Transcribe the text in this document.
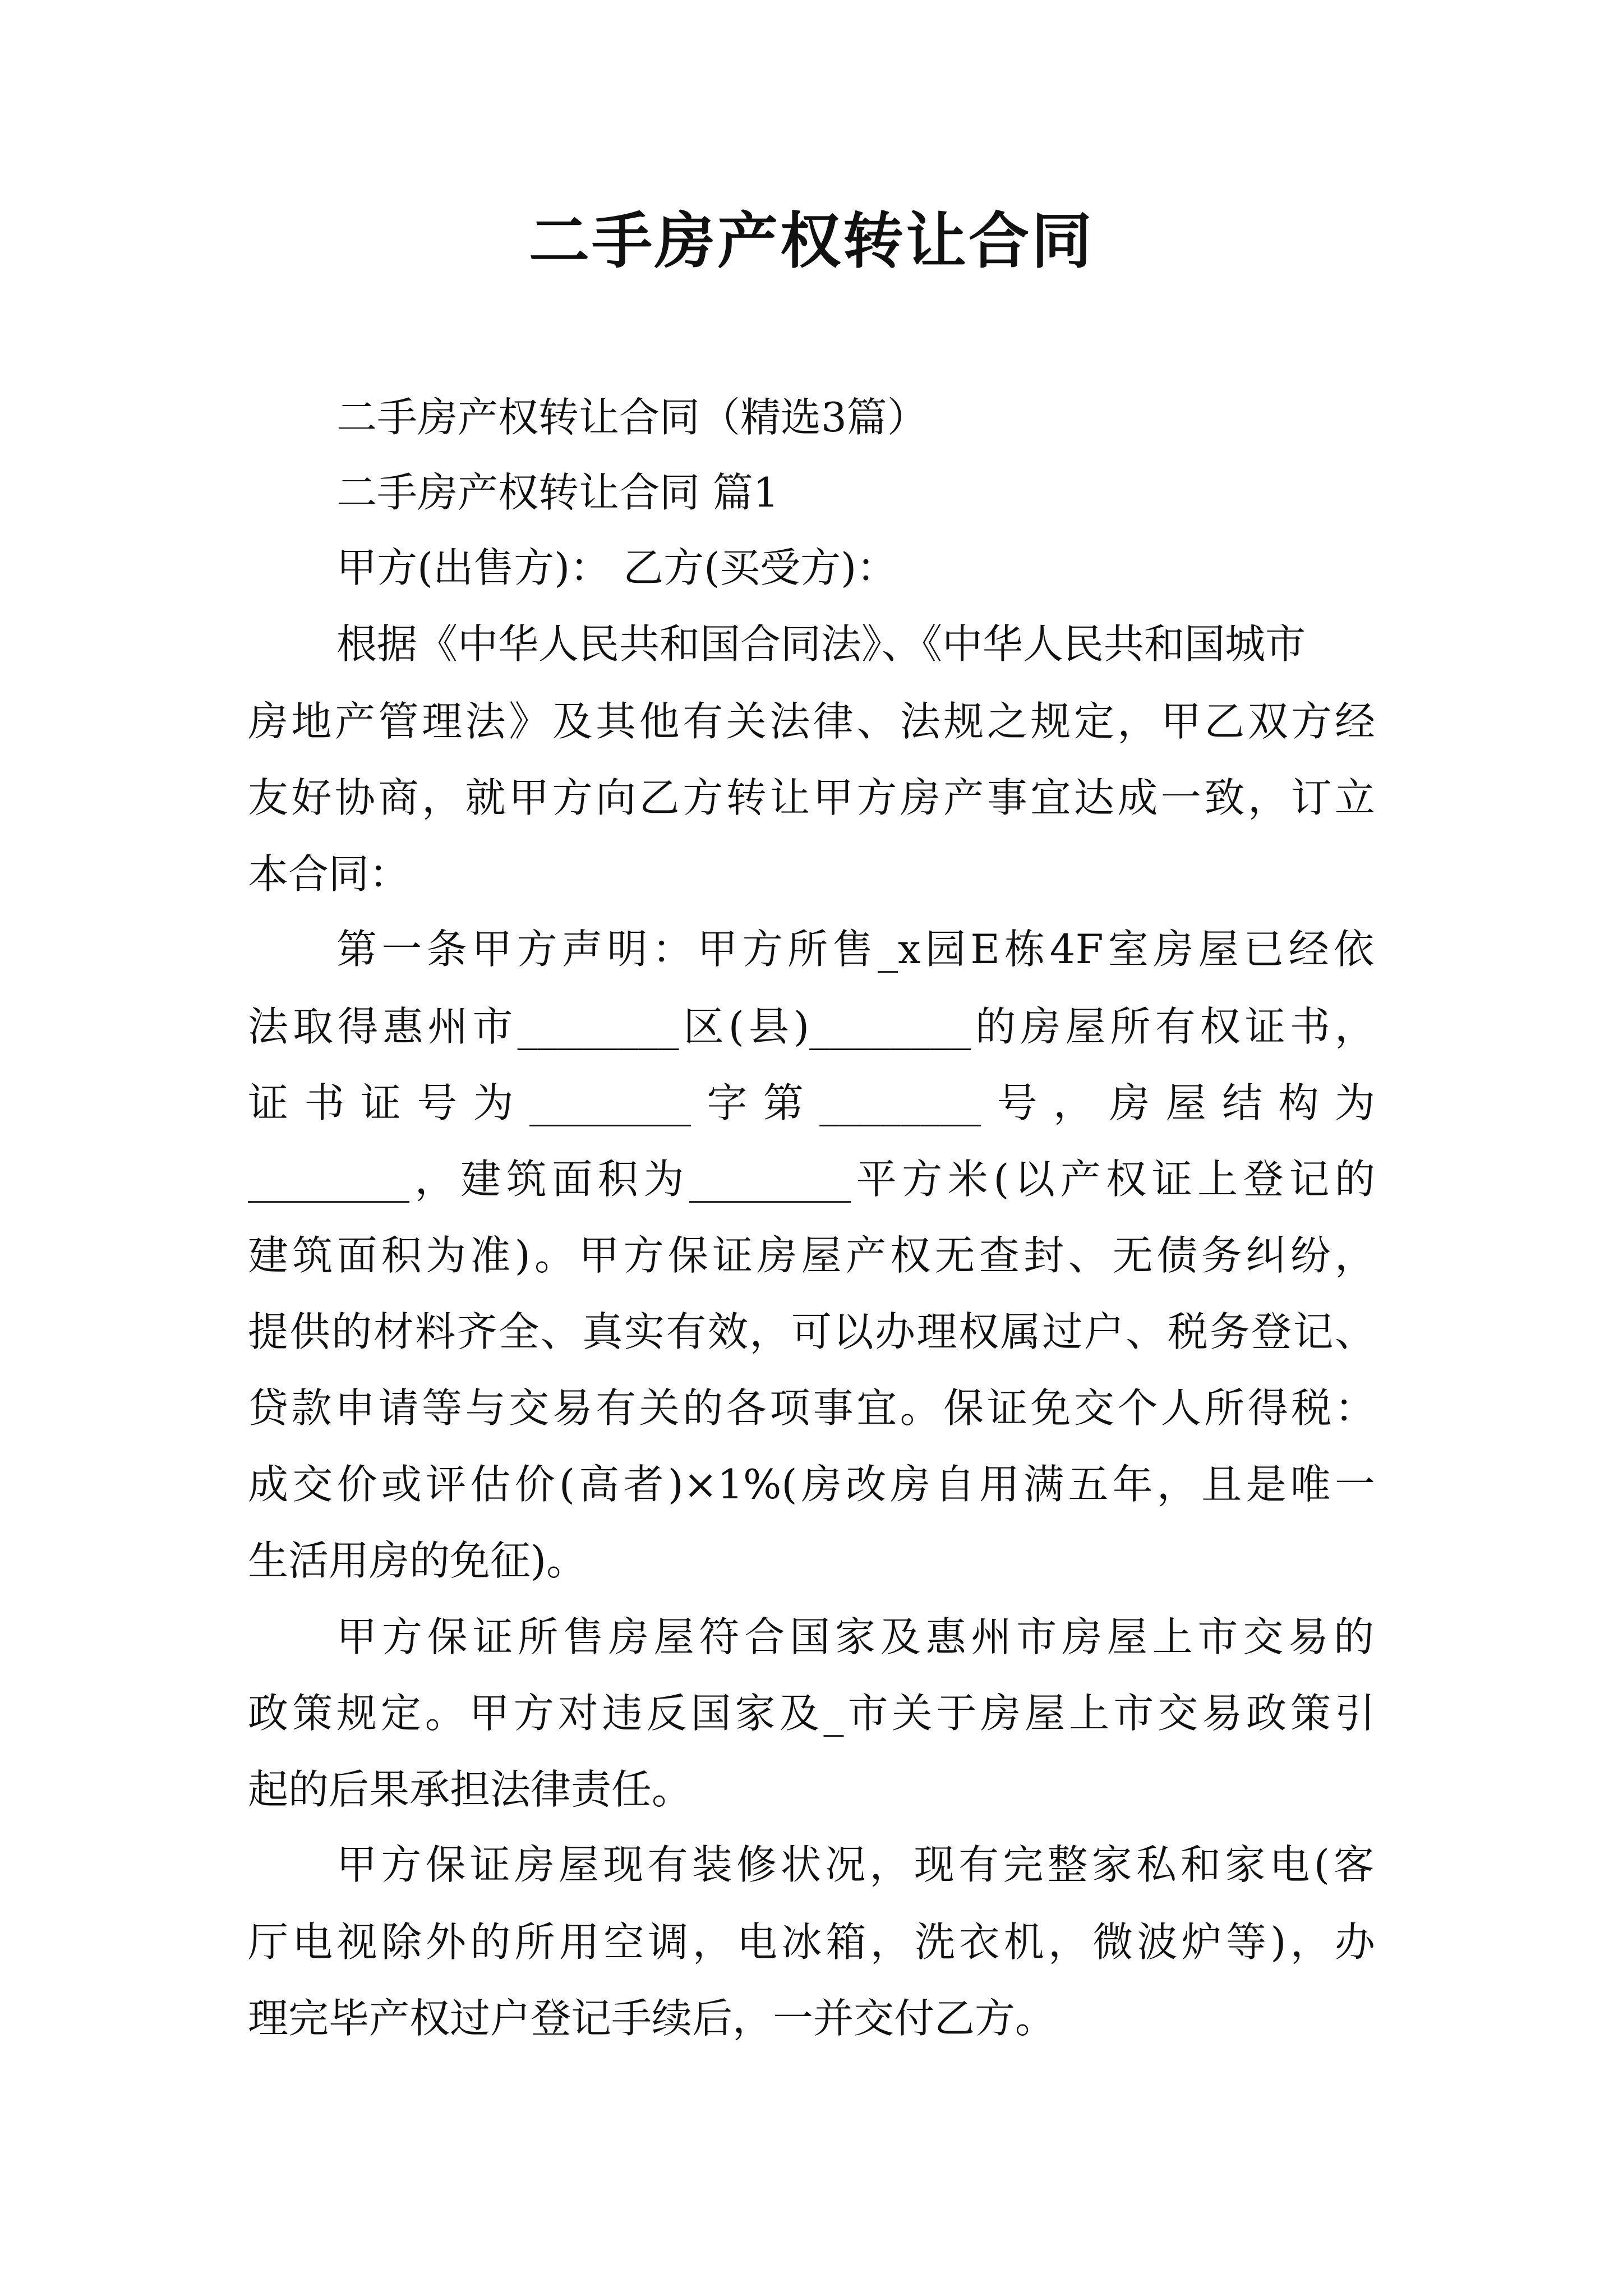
二手房产权转让合同
二手房产权转让合同（精选3篇）
二手房产权转让合同 篇1
甲方(出售方)： 乙方(买受方)：
根据《中华人民共和国合同法》、《中华人民共和国城市
房地产管理法》及其他有关法律、法规之规定，甲乙双方经
友好协商，就甲方向乙方转让甲方房产事宜达成一致，订立
本合同：
第一条甲方声明：甲方所售_x园E栋4F室房屋已经依
法取得惠州市________区(县)________的房屋所有权证书，
证书证号为________字第________号，房屋结构为
________，建筑面积为________平方米(以产权证上登记的
建筑面积为准)。甲方保证房屋产权无查封、无债务纠纷，
提供的材料齐全、真实有效，可以办理权属过户、税务登记、
贷款申请等与交易有关的各项事宜。保证免交个人所得税：
成交价或评估价(高者)×1%(房改房自用满五年，且是唯一
生活用房的免征)。
甲方保证所售房屋符合国家及惠州市房屋上市交易的
政策规定。甲方对违反国家及_市关于房屋上市交易政策引
起的后果承担法律责任。
甲方保证房屋现有装修状况，现有完整家私和家电(客
厅电视除外的所用空调，电冰箱，洗衣机，微波炉等)，办
理完毕产权过户登记手续后，一并交付乙方。
